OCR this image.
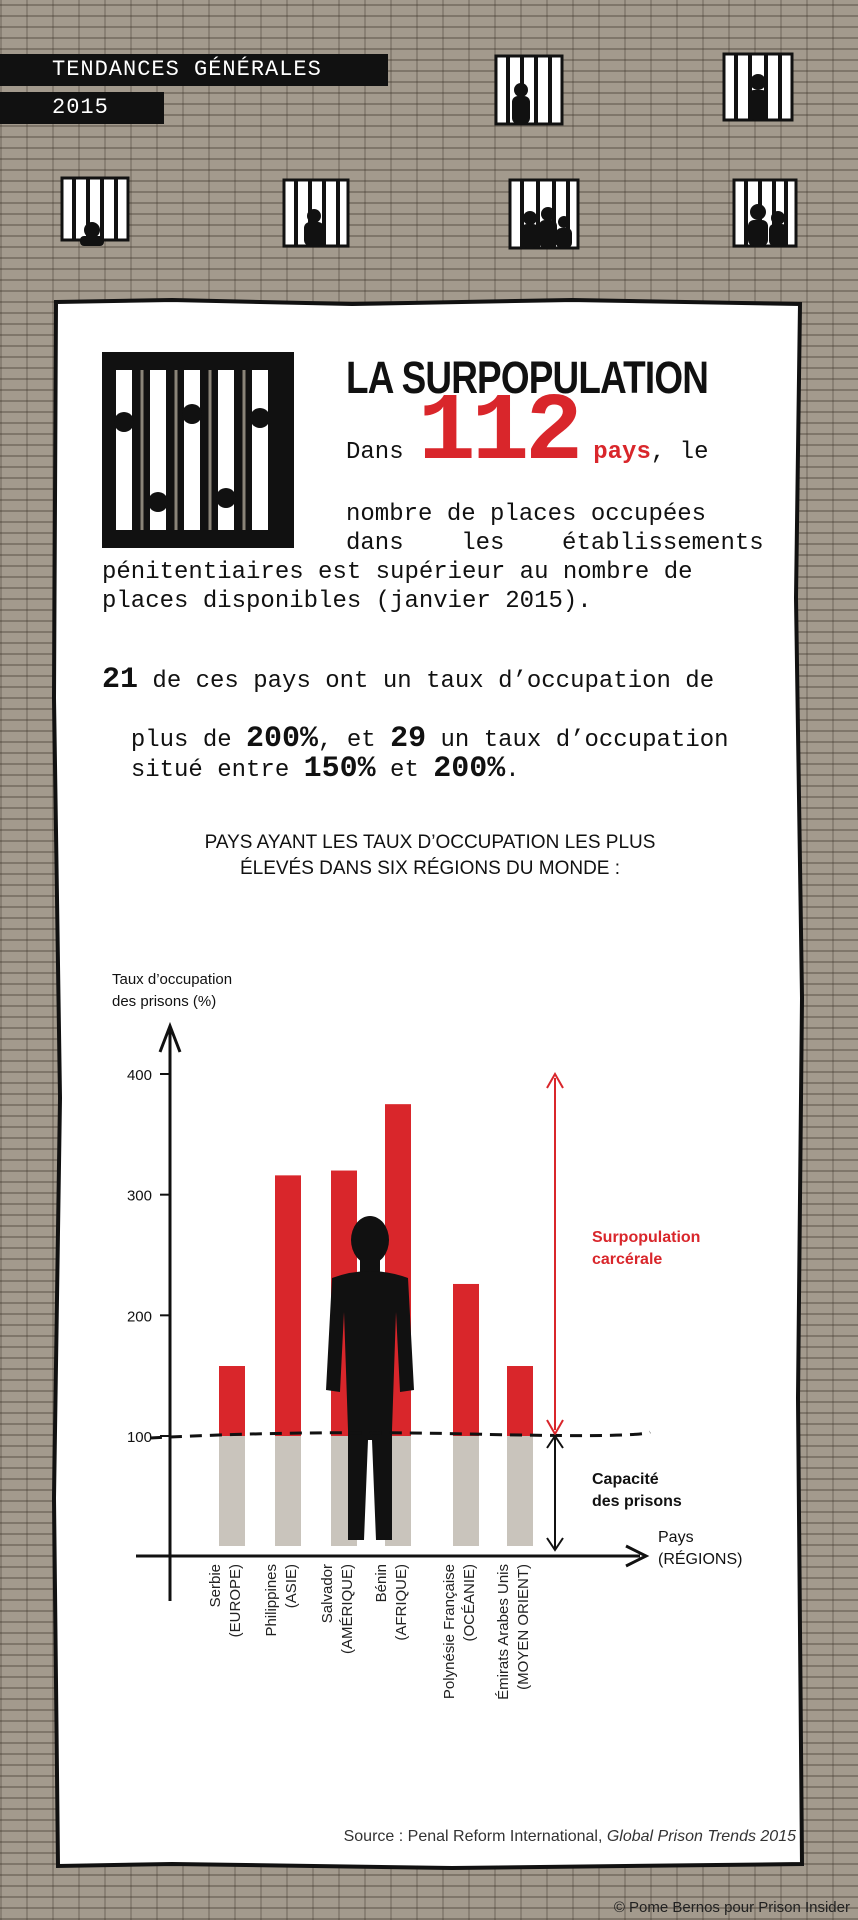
TENDANCES GÉNÉRALES
2015
LA SURPOPULATION
Dans 112 pays, le
nombre de places occupées
dans    les    établissements
pénitentiaires est supérieur au nombre de
places disponibles (janvier 2015).
21 de ces pays ont un taux d’occupation de

plus de 200%, et 29 un taux d’occupation

situé entre 150% et 200%.

PAYS AYANT LES TAUX D’OCCUPATION LES PLUS
ÉLEVÉS DANS SIX RÉGIONS DU MONDE :
Taux d’occupation
des prisons (%)
100
200
300
400
Pays
(RÉGIONS)
Serbie (EUROPE) Philippines (ASIE) Salvador (AMÉRIQUE) Bénin (AFRIQUE) Polynésie Française (OCÉANIE) Émirats Arabes Unis (MOYEN ORIENT)
Surpopulation
carcérale
Capacité
des prisons
Source : Penal Reform International, Global Prison Trends 2015
© Pome Bernos pour Prison Insider
